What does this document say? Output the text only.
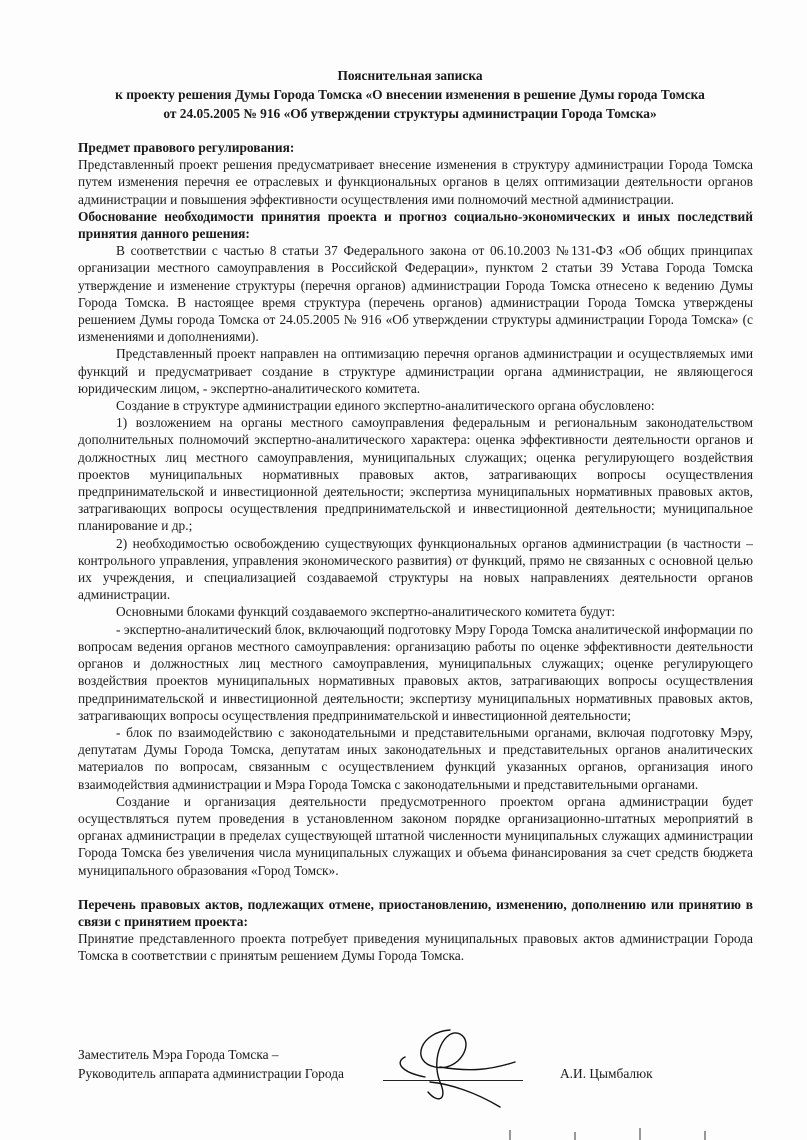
Пояснительная записка
к проекту решения Думы Города Томска «О внесении изменения в решение Думы города Томска
от 24.05.2005 № 916 «Об утверждении структуры администрации Города Томска»

Предмет правового регулирования:

Представленный проект решения предусматривает внесение изменения в структуру администрации Города Томска путем изменения перечня ее отраслевых и функциональных органов в целях оптимизации деятельности органов администрации и повышения эффективности осуществления ими полномочий местной администрации.

Обоснование необходимости принятия проекта и прогноз социально-экономических и иных последствий принятия данного решения:

В соответствии с частью 8 статьи 37 Федерального закона от 06.10.2003 №131-ФЗ «Об общих принципах организации местного самоуправления в Российской Федерации», пунктом 2 статьи 39 Устава Города Томска утверждение и изменение структуры (перечня органов) администрации Города Томска отнесено к ведению Думы Города Томска. В настоящее время структура (перечень органов) администрации Города Томска утверждены решением Думы города Томска от 24.05.2005 № 916 «Об утверждении структуры администрации Города Томска» (с изменениями и дополнениями).

Представленный проект направлен на оптимизацию перечня органов администрации и осуществляемых ими функций и предусматривает создание в структуре администрации органа администрации, не являющегося юридическим лицом, - экспертно-аналитического комитета.

Создание в структуре администрации единого экспертно-аналитического органа обусловлено:

1) возложением на органы местного самоуправления федеральным и региональным законодательством дополнительных полномочий экспертно-аналитического характера: оценка эффективности деятельности органов и должностных лиц местного самоуправления, муниципальных служащих; оценка регулирующего воздействия проектов муниципальных нормативных правовых актов, затрагивающих вопросы осуществления предпринимательской и инвестиционной деятельности; экспертиза муниципальных нормативных правовых актов, затрагивающих вопросы осуществления предпринимательской и инвестиционной деятельности; муниципальное планирование и др.;

2) необходимостью освобождению существующих функциональных органов администрации (в частности – контрольного управления, управления экономического развития) от функций, прямо не связанных с основной целью их учреждения, и специализацией создаваемой структуры на новых направлениях деятельности органов администрации.

Основными блоками функций создаваемого экспертно-аналитического комитета будут:

- экспертно-аналитический блок, включающий подготовку Мэру Города Томска аналитической информации по вопросам ведения органов местного самоуправления: организацию работы по оценке эффективности деятельности органов и должностных лиц местного самоуправления, муниципальных служащих; оценке регулирующего воздействия проектов муниципальных нормативных правовых актов, затрагивающих вопросы осуществления предпринимательской и инвестиционной деятельности; экспертизу муниципальных нормативных правовых актов, затрагивающих вопросы осуществления предпринимательской и инвестиционной деятельности;

- блок по взаимодействию с законодательными и представительными органами, включая подготовку Мэру, депутатам Думы Города Томска, депутатам иных законодательных и представительных органов аналитических материалов по вопросам, связанным с осуществлением функций указанных органов, организация иного взаимодействия администрации и Мэра Города Томска с законодательными и представительными органами.

Создание и организация деятельности предусмотренного проектом органа администрации будет осуществляться путем проведения в установленном законом порядке организационно-штатных мероприятий в органах администрации в пределах существующей штатной численности муниципальных служащих администрации Города Томска без увеличения числа муниципальных служащих и объема финансирования за счет средств бюджета муниципального образования «Город Томск».

Перечень правовых актов, подлежащих отмене, приостановлению, изменению, дополнению или принятию в связи с принятием проекта:

Принятие представленного проекта потребует приведения муниципальных правовых актов администрации Города Томска в соответствии с принятым решением Думы Города Томска.

Заместитель Мэра Города Томска –
Руководитель аппарата администрации Города	А.И. Цымбалюк
